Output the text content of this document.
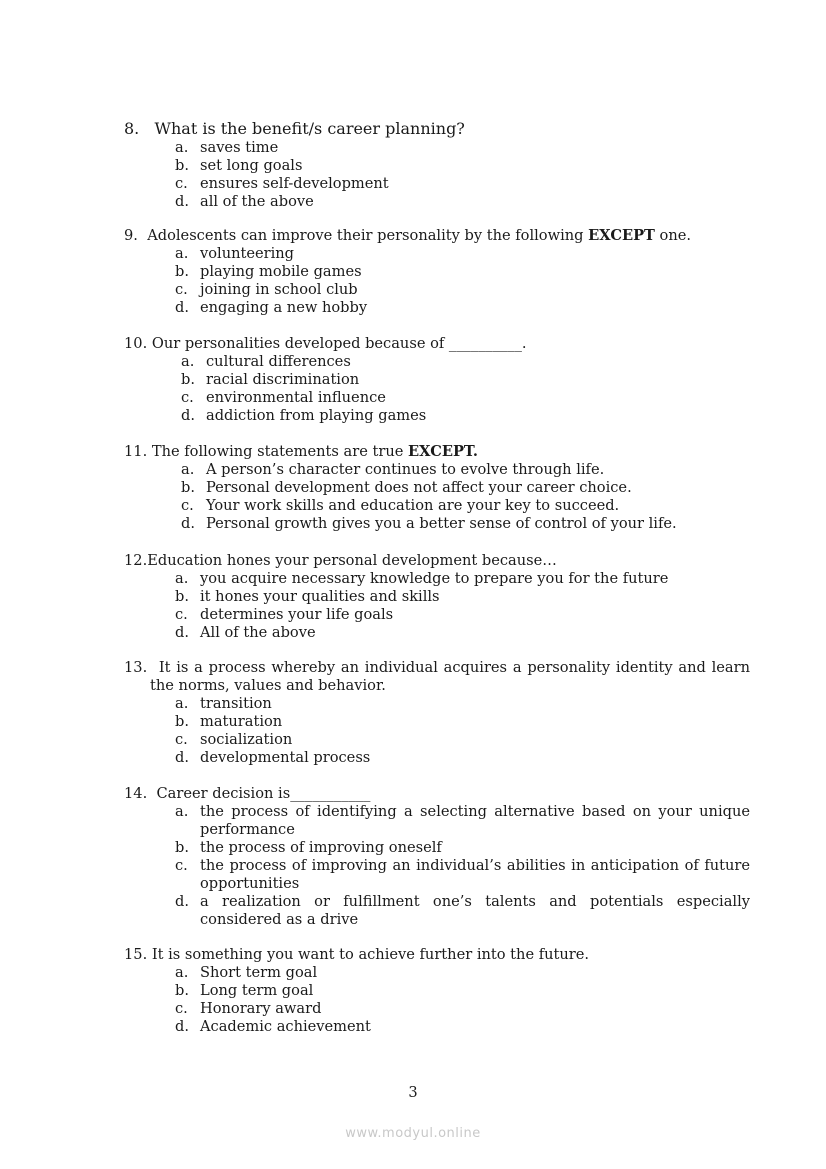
8. What is the benefit/s career planning?
a. saves time
b. set long goals
c. ensures self-development
d. all of the above
9. Adolescents can improve their personality by the following EXCEPT one.
a. volunteering
b. playing mobile games
c. joining in school club
d. engaging a new hobby
10. Our personalities developed because of __________.
a. cultural differences
b. racial discrimination
c. environmental influence
d. addiction from playing games
11. The following statements are true EXCEPT.
a. A person’s character continues to evolve through life.
b. Personal development does not affect your career choice.
c. Your work skills and education are your key to succeed.
d. Personal growth gives you a better sense of control of your life.
12.Education hones your personal development because…
a. you acquire necessary knowledge to prepare you for the future
b. it hones your qualities and skills
c. determines your life goals
d. All of the above
13. It is a process whereby an individual acquires a personality identity and learn the norms, values and behavior.
a. transition
b. maturation
c. socialization
d. developmental process
14. Career decision is___________
a. the process of identifying a selecting alternative based on your unique performance
b. the process of improving oneself
c. the process of improving an individual’s abilities in anticipation of future opportunities
d. a realization or fulfillment one’s talents and potentials especially considered as a drive
15. It is something you want to achieve further into the future.
a. Short term goal
b. Long term goal
c. Honorary award
d. Academic achievement
3
www.modyul.online
